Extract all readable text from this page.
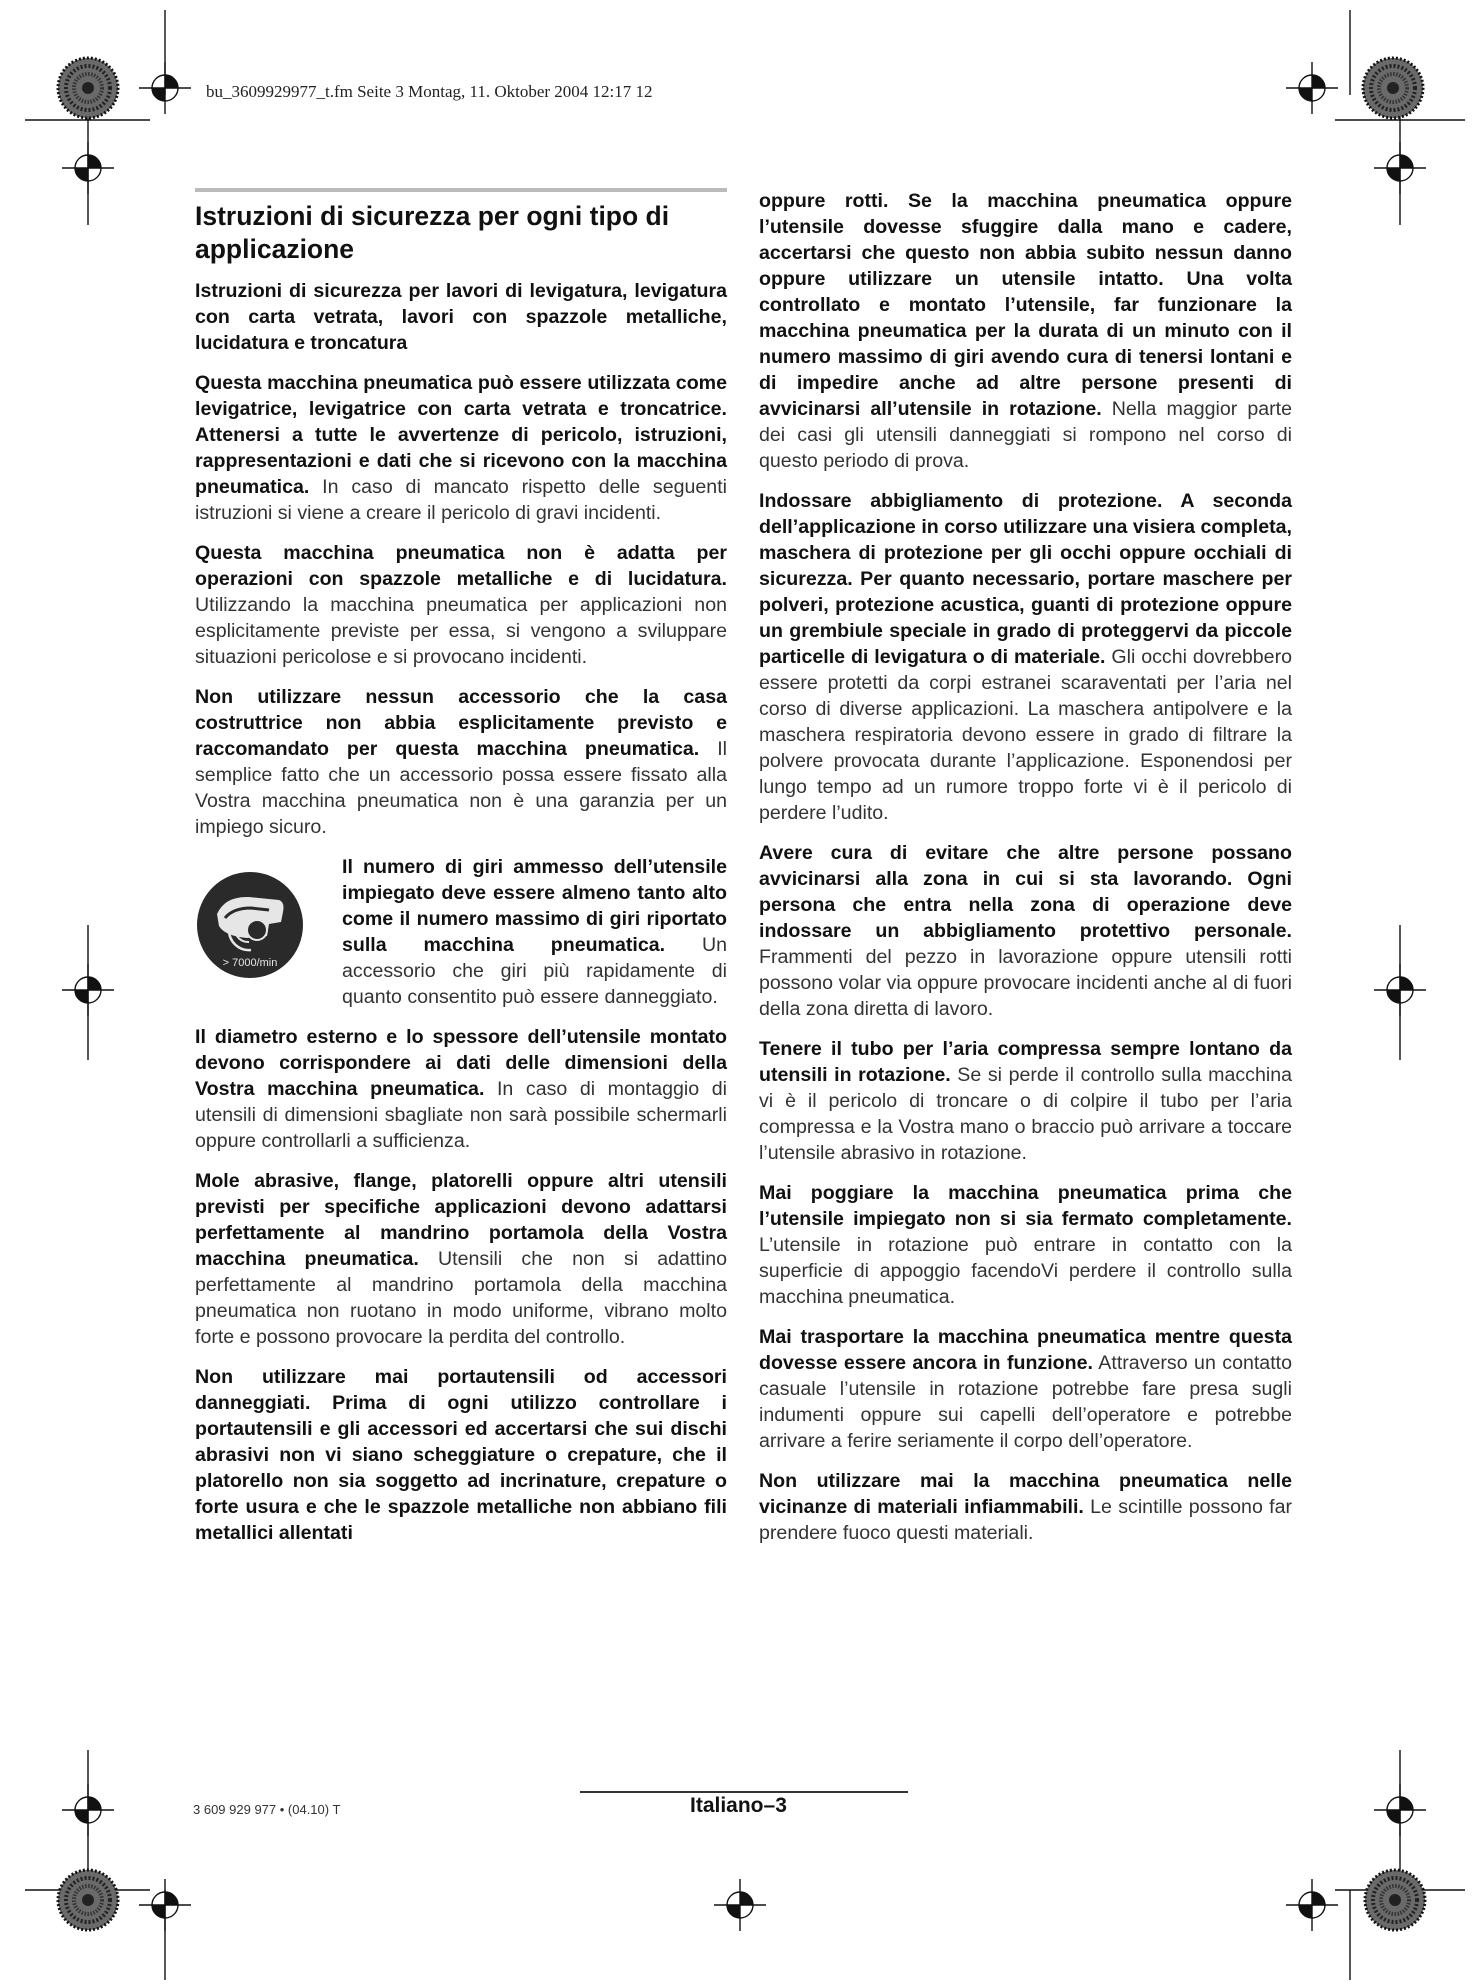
bu_3609929977_t.fm Seite 3 Montag, 11. Oktober 2004 12:17 12
Istruzioni di sicurezza per ogni tipo di applicazione

Istruzioni di sicurezza per lavori di levigatura, levigatura con carta vetrata, lavori con spazzole metalliche, lucidatura e troncatura

Questa macchina pneumatica può essere utilizzata come levigatrice, levigatrice con carta vetrata e troncatrice. Attenersi a tutte le avvertenze di pericolo, istruzioni, rappresentazioni e dati che si ricevono con la macchina pneumatica. In caso di mancato rispetto delle seguenti istruzioni si viene a creare il pericolo di gravi incidenti.

Questa macchina pneumatica non è adatta per operazioni con spazzole metalliche e di lucidatura. Utilizzando la macchina pneumatica per applicazioni non esplicitamente previste per essa, si vengono a sviluppare situazioni pericolose e si provocano incidenti.

Non utilizzare nessun accessorio che la casa costruttrice non abbia esplicitamente previsto e raccomandato per questa macchina pneumatica. Il semplice fatto che un accessorio possa essere fissato alla Vostra macchina pneumatica non è una garanzia per un impiego sicuro.

> 7000/min
Il numero di giri ammesso dell’utensile impiegato deve essere almeno tanto alto come il numero massimo di giri riportato sulla macchina pneumatica. Un accessorio che giri più rapidamente di quanto consentito può essere danneggiato.

Il diametro esterno e lo spessore dell’utensile montato devono corrispondere ai dati delle dimensioni della Vostra macchina pneumatica. In caso di montaggio di utensili di dimensioni sbagliate non sarà possibile schermarli oppure controllarli a sufficienza.

Mole abrasive, flange, platorelli oppure altri utensili previsti per specifiche applicazioni devono adattarsi perfettamente al mandrino portamola della Vostra macchina pneumatica. Utensili che non si adattino perfettamente al mandrino portamola della macchina pneumatica non ruotano in modo uniforme, vibrano molto forte e possono provocare la perdita del controllo.

Non utilizzare mai portautensili od accessori danneggiati. Prima di ogni utilizzo controllare i portautensili e gli accessori ed accertarsi che sui dischi abrasivi non vi siano scheggiature o crepature, che il platorello non sia soggetto ad incrinature, crepature o forte usura e che le spazzole metalliche non abbiano fili metallici allentati

oppure rotti. Se la macchina pneumatica oppure l’utensile dovesse sfuggire dalla mano e cadere, accertarsi che questo non abbia subito nessun danno oppure utilizzare un utensile intatto. Una volta controllato e montato l’utensile, far funzionare la macchina pneumatica per la durata di un minuto con il numero massimo di giri avendo cura di tenersi lontani e di impedire anche ad altre persone presenti di avvicinarsi all’utensile in rotazione. Nella maggior parte dei casi gli utensili danneggiati si rompono nel corso di questo periodo di prova.

Indossare abbigliamento di protezione. A seconda dell’applicazione in corso utilizzare una visiera completa, maschera di protezione per gli occhi oppure occhiali di sicurezza. Per quanto necessario, portare maschere per polveri, protezione acustica, guanti di protezione oppure un grembiule speciale in grado di proteggervi da piccole particelle di levigatura o di materiale. Gli occhi dovrebbero essere protetti da corpi estranei scaraventati per l’aria nel corso di diverse applicazioni. La maschera antipolvere e la maschera respiratoria devono essere in grado di filtrare la polvere provocata durante l’applicazione. Esponendosi per lungo tempo ad un rumore troppo forte vi è il pericolo di perdere l’udito.

Avere cura di evitare che altre persone possano avvicinarsi alla zona in cui si sta lavorando. Ogni persona che entra nella zona di operazione deve indossare un abbigliamento protettivo personale. Frammenti del pezzo in lavorazione oppure utensili rotti possono volar via oppure provocare incidenti anche al di fuori della zona diretta di lavoro.

Tenere il tubo per l’aria compressa sempre lontano da utensili in rotazione. Se si perde il controllo sulla macchina vi è il pericolo di troncare o di colpire il tubo per l’aria compressa e la Vostra mano o braccio può arrivare a toccare l’utensile abrasivo in rotazione.

Mai poggiare la macchina pneumatica prima che l’utensile impiegato non si sia fermato completamente. L’utensile in rotazione può entrare in contatto con la superficie di appoggio facendoVi perdere il controllo sulla macchina pneumatica.

Mai trasportare la macchina pneumatica mentre questa dovesse essere ancora in funzione. Attraverso un contatto casuale l’utensile in rotazione potrebbe fare presa sugli indumenti oppure sui capelli dell’operatore e potrebbe arrivare a ferire seriamente il corpo dell’operatore.

Non utilizzare mai la macchina pneumatica nelle vicinanze di materiali infiammabili. Le scintille possono far prendere fuoco questi materiali.

3 609 929 977 • (04.10) T	Italiano–3
